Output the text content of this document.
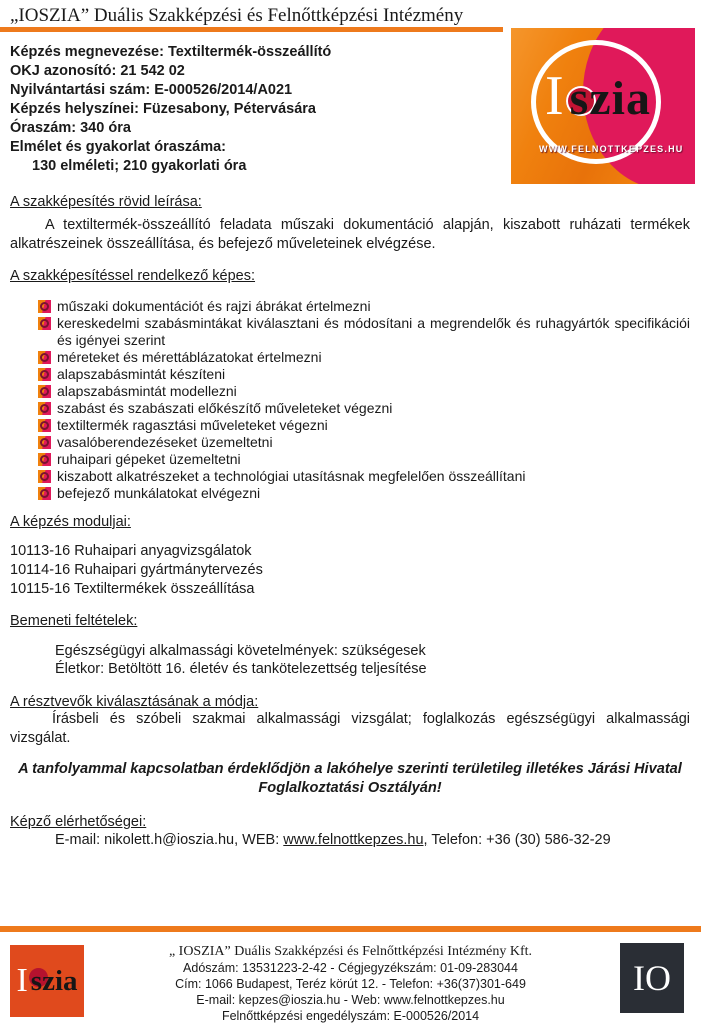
I szia
WWW.FELNOTTKEPZES.HU
„IOSZIA” Duális Szakképzési és Felnőttképzési Intézmény
Képzés megnevezése: Textiltermék-összeállító
OKJ azonosító: 21 542 02
Nyilvántartási szám: E-000526/2014/A021
Képzés helyszínei: Füzesabony, Pétervására
Óraszám: 340 óra
Elmélet és gyakorlat óraszáma:
130 elméleti; 210 gyakorlati óra
A szakképesítés rövid leírása:

A textiltermék-összeállító feladata műszaki dokumentáció alapján, kiszabott ruházati termékek alkatrészeinek összeállítása, és befejező műveleteinek elvégzése.

A szakképesítéssel rendelkező képes:
műszaki dokumentációt és rajzi ábrákat értelmezni
kereskedelmi szabásmintákat kiválasztani és módosítani a megrendelők és ruhagyártók specifikációi és igényei szerint
méreteket és mérettáblázatokat értelmezni
alapszabásmintát készíteni
alapszabásmintát modellezni
szabást és szabászati előkészítő műveleteket végezni
textiltermék ragasztási műveleteket végezni
vasalóberendezéseket üzemeltetni
ruhaipari gépeket üzemeltetni
kiszabott alkatrészeket a technológiai utasításnak megfelelően összeállítani
befejező munkálatokat elvégezni
A képzés moduljai:
10113-16 Ruhaipari anyagvizsgálatok
10114-16 Ruhaipari gyártmánytervezés
10115-16 Textiltermékek összeállítása
Bemeneti feltételek:
Egészségügyi alkalmassági követelmények: szükségesek
Életkor: Betöltött 16. életév és tankötelezettség teljesítése
A résztvevők kiválasztásának a módja:

Írásbeli és szóbeli szakmai alkalmassági vizsgálat; foglalkozás egészségügyi alkalmassági vizsgálat.

A tanfolyammal kapcsolatban érdeklődjön a lakóhelye szerinti területileg illetékes Járási Hivatal Foglalkoztatási Osztályán!

Képző elérhetőségei:

E-mail: nikolett.h@ioszia.hu, WEB: www.felnottkepzes.hu, Telefon: +36 (30) 586-32-29

I szia
„ IOSZIA” Duális Szakképzési és Felnőttképzési Intézmény Kft.
Adószám: 13531223-2-42 - Cégjegyzékszám: 01-09-283044
Cím: 1066 Budapest, Teréz körút 12. - Telefon: +36(37)301-649
E-mail: kepzes@ioszia.hu - Web: www.felnottkepzes.hu
Felnőttképzési engedélyszám: E-000526/2014
IO
